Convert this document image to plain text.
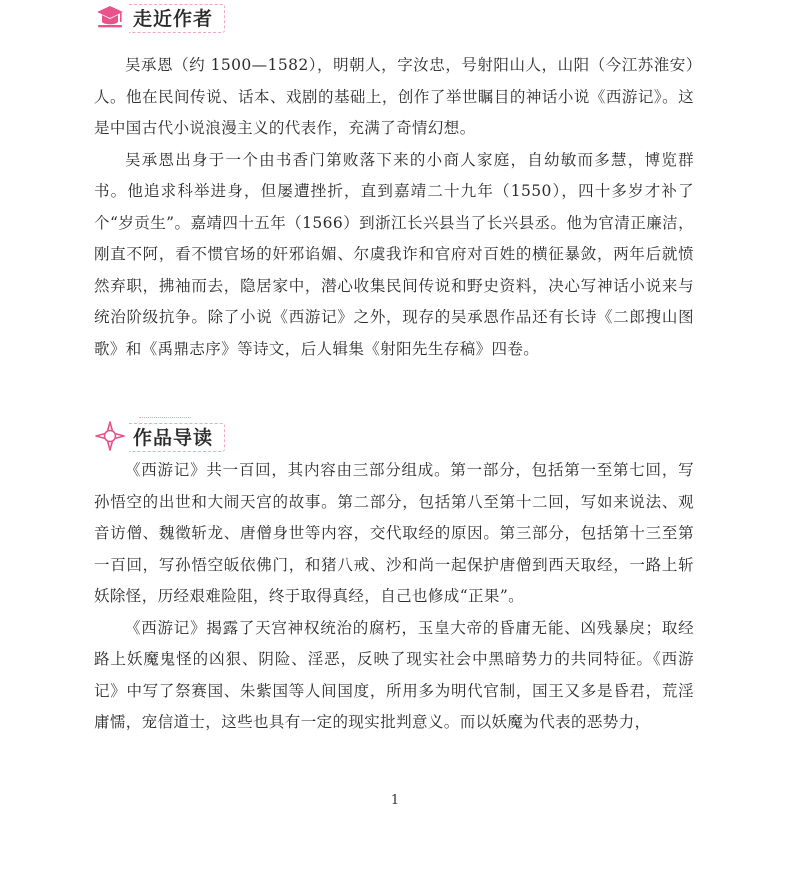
走近作者

吴承恩（约 1500—1582），明朝人，字汝忠，号射阳山人，山阳（今江苏淮安）人。他在民间传说、话本、戏剧的基础上，创作了举世瞩目的神话小说《西游记》。这是中国古代小说浪漫主义的代表作，充满了奇情幻想。

吴承恩出身于一个由书香门第败落下来的小商人家庭，自幼敏而多慧，博览群书。他追求科举进身，但屡遭挫折，直到嘉靖二十九年（1550），四十多岁才补了个“岁贡生”。嘉靖四十五年（1566）到浙江长兴县当了长兴县丞。他为官清正廉洁，刚直不阿，看不惯官场的奸邪谄媚、尔虞我诈和官府对百姓的横征暴敛，两年后就愤然弃职，拂袖而去，隐居家中，潜心收集民间传说和野史资料，决心写神话小说来与统治阶级抗争。除了小说《西游记》之外，现存的吴承恩作品还有长诗《二郎搜山图歌》和《禹鼎志序》等诗文，后人辑集《射阳先生存稿》四卷。

作品导读

《西游记》共一百回，其内容由三部分组成。第一部分，包括第一至第七回，写孙悟空的出世和大闹天宫的故事。第二部分，包括第八至第十二回，写如来说法、观音访僧、魏徵斩龙、唐僧身世等内容，交代取经的原因。第三部分，包括第十三至第一百回，写孙悟空皈依佛门，和猪八戒、沙和尚一起保护唐僧到西天取经，一路上斩妖除怪，历经艰难险阻，终于取得真经，自己也修成“正果”。

《西游记》揭露了天宫神权统治的腐朽，玉皇大帝的昏庸无能、凶残暴戾；取经路上妖魔鬼怪的凶狠、阴险、淫恶，反映了现实社会中黑暗势力的共同特征。《西游记》中写了祭赛国、朱紫国等人间国度，所用多为明代官制，国王又多是昏君，荒淫庸懦，宠信道士，这些也具有一定的现实批判意义。而以妖魔为代表的恶势力，

1
